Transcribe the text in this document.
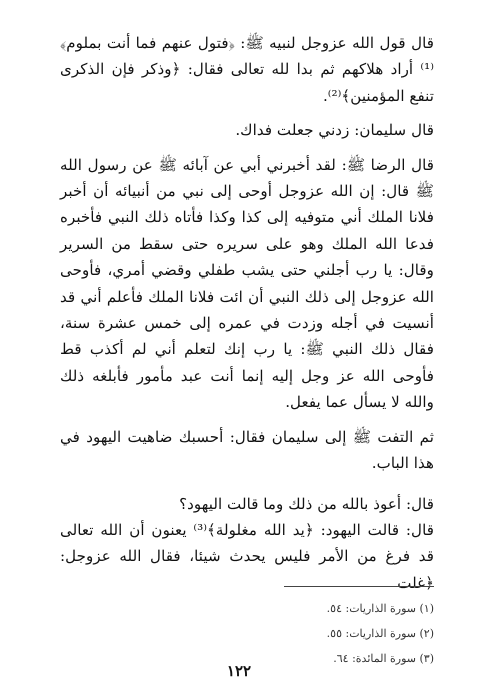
قال قول الله عزوجل لنبيه ﷺ: ﴿فتول عنهم فما أنت بملوم﴾⁽¹⁾ أراد هلاكهم ثم بدا لله تعالى فقال: ﴿وذكر فإن الذكرى تنفع المؤمنين﴾⁽²⁾.

قال سليمان: زدني جعلت فداك.

قال الرضا ﷺ: لقد أخبرني أبي عن آبائه ﷺ عن رسول الله ﷺ قال: إن الله عزوجل أوحى إلى نبي من أنبيائه أن أخبر فلانا الملك أني متوفيه إلى كذا وكذا فأتاه ذلك النبي فأخبره فدعا الله الملك وهو على سريره حتى سقط من السرير وقال: يا رب أجلني حتى يشب طفلي وقضي أمري، فأوحى الله عزوجل إلى ذلك النبي أن ائت فلانا الملك فأعلم أني قد أنسيت في أجله وزدت في عمره إلى خمس عشرة سنة، فقال ذلك النبي ﷺ: يا رب إنك لتعلم أني لم أكذب قط فأوحى الله عز وجل إليه إنما أنت عبد مأمور فأبلغه ذلك والله لا يسأل عما يفعل.

ثم التفت ﷺ إلى سليمان فقال: أحسبك ضاهيت اليهود في هذا الباب.

قال: أعوذ بالله من ذلك وما قالت اليهود؟

قال: قالت اليهود: ﴿يد الله مغلولة﴾⁽³⁾ يعنون أن الله تعالى قد فرغ من الأمر فليس يحدث شيئا، فقال الله عزوجل: ﴿غلت

(١) سورة الذاريات: ٥٤.
(٢) سورة الذاريات: ٥٥.
(٣) سورة المائدة: ٦٤.
١٢٢
